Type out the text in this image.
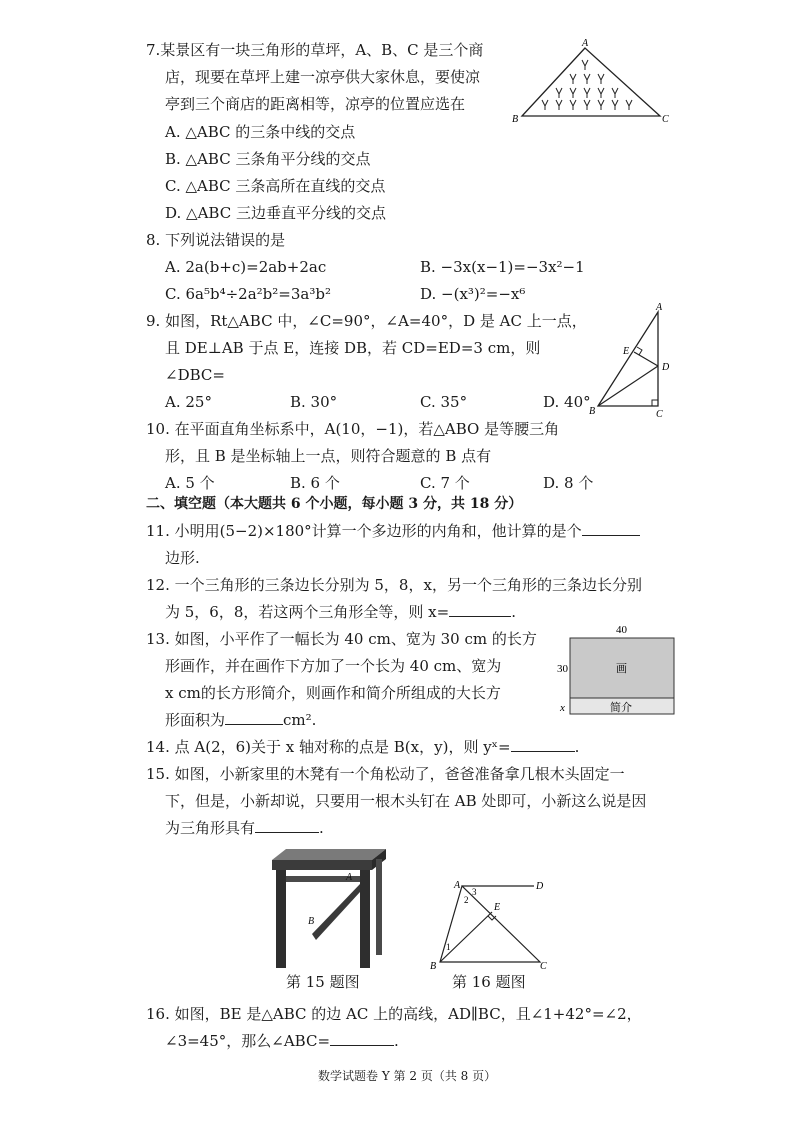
7.某景区有一块三角形的草坪，A、B、C 是三个商
店，现要在草坪上建一凉亭供大家休息，要使凉
亭到三个商店的距离相等，凉亭的位置应选在
A. △ABC 的三条中线的交点
B. △ABC 三条角平分线的交点
C. △ABC 三条高所在直线的交点
D. △ABC 三边垂直平分线的交点
A
B	C
8. 下列说法错误的是
A. 2a(b+c)=2ab+2ac	B. −3x(x−1)=−3x²−1
C. 6a⁵b⁴÷2a²b²=3a³b²	D. −(x³)²=−x⁶
9. 如图，Rt△ABC 中，∠C=90°，∠A=40°，D 是 AC 上一点，
且 DE⊥AB 于点 E，连接 DB，若 CD=ED=3 cm，则
∠DBC=
A. 25°	B. 30°	C. 35°	D. 40°
A
E
D
B	C
10. 在平面直角坐标系中，A(10，−1)，若△ABO 是等腰三角
形，且 B 是坐标轴上一点，则符合题意的 B 点有
A. 5 个	B. 6 个	C. 7 个	D. 8 个
二、填空题（本大题共 6 个小题，每小题 3 分，共 18 分）
11. 小明用(5−2)×180°计算一个多边形的内角和，他计算的是个
边形.
12. 一个三角形的三条边长分别为 5，8，x，另一个三角形的三条边长分别
为 5，6，8，若这两个三角形全等，则 x=	.
13. 如图，小平作了一幅长为 40 cm、宽为 30 cm 的长方
形画作，并在画作下方加了一个长为 40 cm、宽为
x cm的长方形简介，则画作和简介所组成的大长方
形面积为	cm².
40
30
x
画
简介
14. 点 A(2，6)关于 x 轴对称的点是 B(x，y)，则 yˣ=	.
15. 如图，小新家里的木凳有一个角松动了，爸爸准备拿几根木头固定一
下，但是，小新却说，只要用一根木头钉在 AB 处即可，小新这么说是因
为三角形具有	.
A
B
第 15 题图
A	D
E
B	C
1
2
3
第 16 题图
16. 如图，BE 是△ABC 的边 AC 上的高线，AD∥BC，且∠1+42°=∠2，
∠3=45°，那么∠ABC=	.
数学试题卷 Y 第 2 页（共 8 页）
